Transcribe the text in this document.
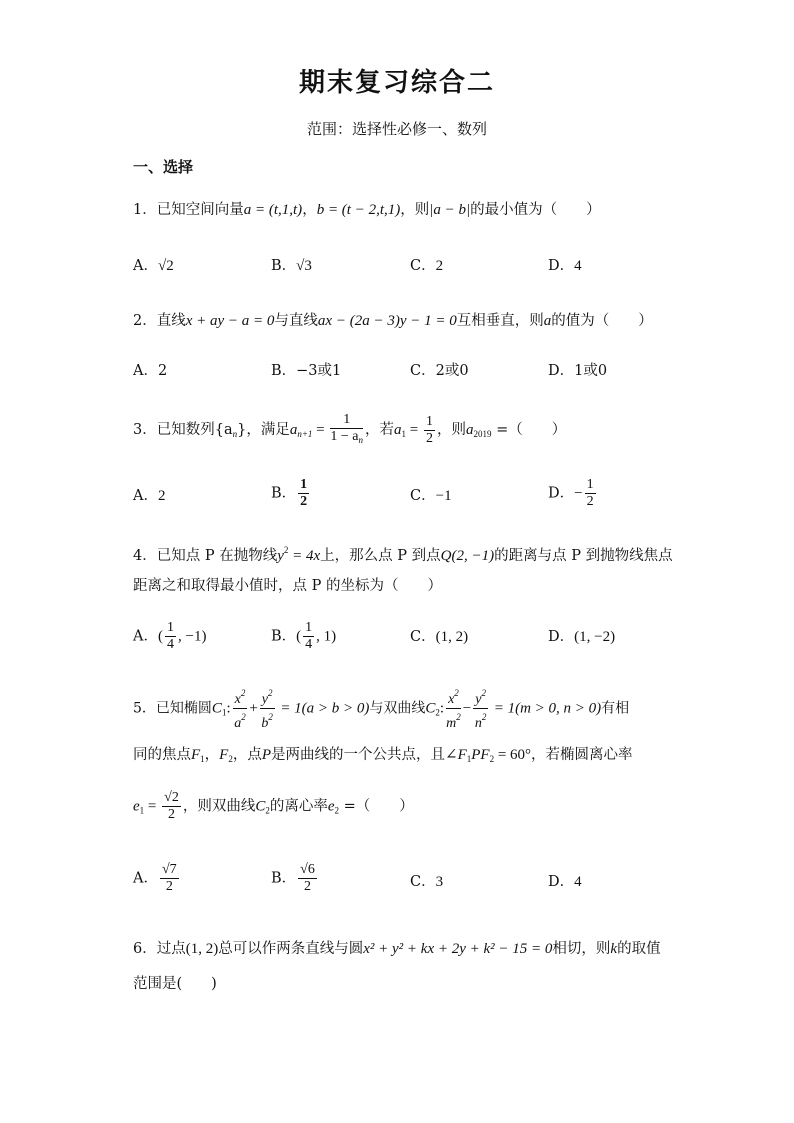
期末复习综合二
范围：选择性必修一、数列
一、选择
1．已知空间向量a = (t,1,t)，b = (t − 2,t,1)，则|a − b|的最小值为（　　）
A．√2	B．√3	C．2	D．4
2．直线x + ay − a = 0与直线ax − (2a − 3)y − 1 = 0互相垂直，则a的值为（　　）
A．2	B．−3或1	C．2或0	D．1或0
3．已知数列$\{a_n\}$，满足$a_{n+1} = \frac{1}{1 - a_n}$ ，若$a_1 = \frac{1}{2}$ ，则$a_{2019}$ =（　　）
A．2	B． $\frac{1}{2}$	C．−1	D．− $\frac{1}{2}$
4．已知点 P 在抛物线$y^2 = 4x$上，那么点 P 到点Q(2, −1)的距离与点 P 到抛物线焦点
距离之和取得最小值时，点 P 的坐标为（　　）
A．( $\frac{1}{4}$ , −1)	B．( $\frac{1}{4}$ , 1)	C．(1, 2)	D．(1, −2)
5．已知椭圆$C_1$: $\frac{x^2}{a^2} + \frac{y^2}{b^2} = 1(a > b > 0)$与双曲线$C_2$: $\frac{x^2}{m^2} - \frac{y^2}{n^2} = 1(m > 0$, n > 0)有相
同的焦点$F_1$，$F_2$，点P是两曲线的一个公共点，且$\angle F_1PF_2 = 60^\circ$，若椭圆离心率
$e_1 = \frac{√2}{2}$ ，则双曲线$C_2$的离心率$e_2$ =（　　）
A． $\frac{√7}{2}$	B． $\frac{√6}{2}$	C．3	D．4
6．过点(1, 2)总可以作两条直线与圆x² + y² + kx + 2y + k² − 15 = 0相切，则k的取值
范围是(　　)
